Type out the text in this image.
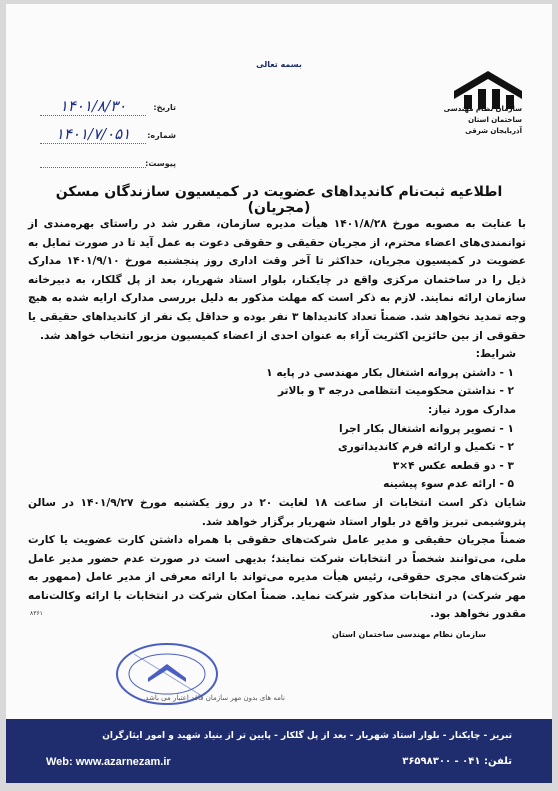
بسمه تعالی
سازمان نظام مهندسی ساختمان استان
آذربایجان شرقی
تاریخ:
۱۴۰۱/۸/۳۰
شماره:
۱۴۰۱/۷/۰۵۱
پیوست:
اطلاعیه ثبت‌نام کاندیداهای عضویت در کمیسیون سازندگان مسکن (مجریان)

با عنایت به مصوبه مورخ ۱۴۰۱/۸/۲۸ هیأت مدیره سازمان، مقرر شد در راستای بهره‌مندی از توانمندی‌های اعضاء محترم، از مجریان حقیقی و حقوقی دعوت به عمل آید تا در صورت تمایل به عضویت در کمیسیون مجریان، حداکثر تا آخر وقت اداری روز پنجشنبه مورخ ۱۴۰۱/۹/۱۰ مدارک ذیل را در ساختمان مرکزی واقع در چایکنار، بلوار استاد شهریار، بعد از پل گلکار، به دبیرخانه سازمان ارائه نمایند. لازم به ذکر است که مهلت مذکور به دلیل بررسی مدارک ارایه شده به هیچ وجه تمدید نخواهد شد. ضمناً تعداد کاندیداها ۳ نفر بوده و حداقل یک نفر از کاندیداهای حقیقی یا حقوقی از بین حائزین اکثریت آراء به عنوان احدی از اعضاء کمیسیون مزبور انتخاب خواهد شد.

شرایط:

۱ - داشتن پروانه اشتغال بکار مهندسی در پایه ۱

۲ - نداشتن محکومیت انتظامی درجه ۳ و بالاتر

مدارک مورد نیاز:

۱ - تصویر پروانه اشتغال بکار اجرا

۲ - تکمیل و ارائه فرم کاندیداتوری

۳ - دو قطعه عکس ۴×۳

۵ - ارائه عدم سوء پیشینه

شایان ذکر است انتخابات از ساعت ۱۸ لغایت ۲۰ در روز یکشنبه مورخ ۱۴۰۱/۹/۲۷ در سالن پتروشیمی تبریز واقع در بلوار استاد شهریار برگزار خواهد شد.

ضمناً مجریان حقیقی و مدیر عامل شرکت‌های حقوقی با همراه داشتن کارت عضویت یا کارت ملی، می‌توانند شخصاً در انتخابات شرکت نمایند؛ بدیهی است در صورت عدم حضور مدیر عامل شرکت‌های مجری حقوقی، رئیس هیأت مدیره می‌تواند با ارائه معرفی از مدیر عامل (ممهور به مهر شرکت) در انتخابات مذکور شرکت نماید. ضمناً امکان شرکت در انتخابات با ارائه وکالت‌نامه مقدور نخواهد بود.

۸۳۶۱
سازمان نظام مهندسی ساختمان استان
نامه های بدون مهر سازمان فاقد اعتبار می باشد.
تبریز - چایکنار - بلوار استاد شهریار - بعد از پل گلکار - پایین تر از بنیاد شهید و امور ایثارگران
Web: www.azarnezam.ir	تلفن: ۰۴۱ - ۳۶۵۹۸۳۰۰
